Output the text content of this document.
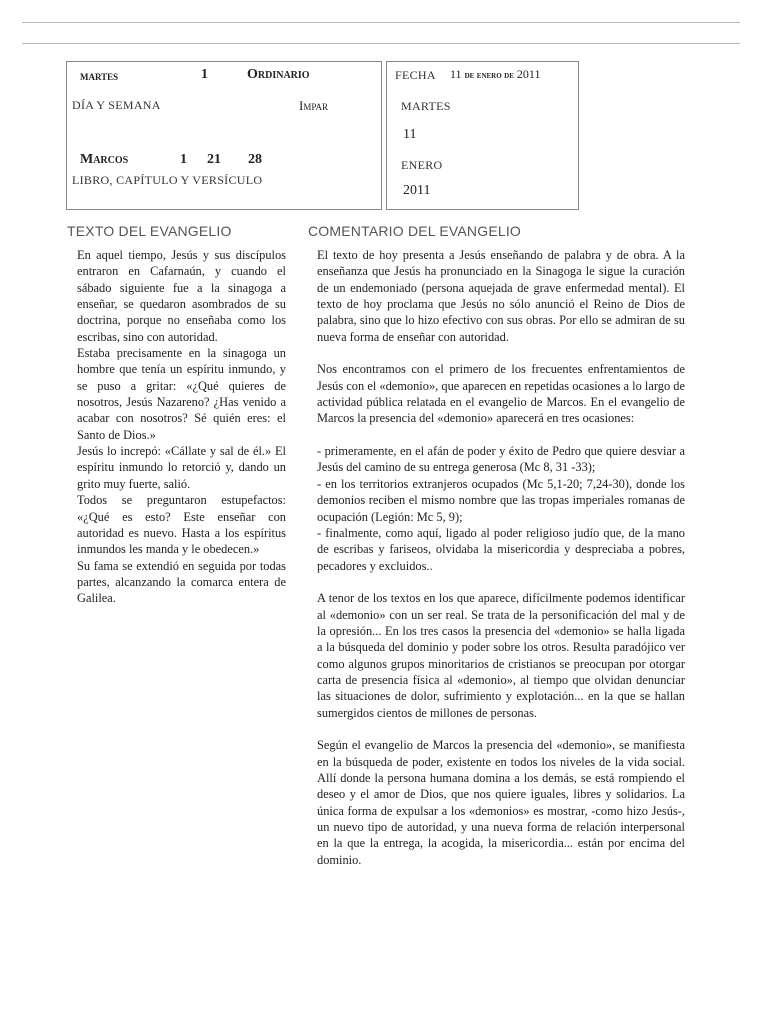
martes	1	Ordinario
DÍA Y SEMANA	Impar
Marcos	1 21 28
LIBRO, CAPÍTULO Y VERSÍCULO
FECHA 11 de enero de 2011
MARTES
11
ENERO
2011
TEXTO DEL EVANGELIO	COMENTARIO DEL EVANGELIO

En aquel tiempo, Jesús y sus discípulos entraron en Cafarnaún, y cuando el sábado siguiente fue a la sinagoga a enseñar, se quedaron asombrados de su doctrina, porque no enseñaba como los escribas, sino con autoridad.

Estaba precisamente en la sinagoga un hombre que tenía un espíritu inmundo, y se puso a gritar: «¿Qué quieres de nosotros, Jesús Nazareno? ¿Has venido a acabar con nosotros? Sé quién eres: el Santo de Dios.»

Jesús lo increpó: «Cállate y sal de él.» El espíritu inmundo lo retorció y, dando un grito muy fuerte, salió.

Todos se preguntaron estupefactos: «¿Qué es esto? Este enseñar con autoridad es nuevo. Hasta a los espíritus inmundos les manda y le obedecen.»

Su fama se extendió en seguida por todas partes, alcanzando la comarca entera de Galilea.

El texto de hoy presenta a Jesús enseñando de palabra y de obra. A la enseñanza que Jesús ha pronunciado en la Sinagoga le sigue la curación de un endemoniado (persona aquejada de grave enfermedad mental). El texto de hoy proclama que Jesús no sólo anunció el Reino de Dios de palabra, sino que lo hizo efectivo con sus obras. Por ello se admiran de su nueva forma de enseñar con autoridad.

Nos encontramos con el primero de los frecuentes enfrentamientos de Jesús con el «demonio», que aparecen en repetidas ocasiones a lo largo de actividad pública relatada en el evangelio de Marcos. En el evangelio de Marcos la presencia del «demonio» aparecerá en tres ocasiones:

- primeramente, en el afán de poder y éxito de Pedro que quiere desviar a Jesús del camino de su entrega generosa (Mc 8, 31 -33);

- en los territorios extranjeros ocupados (Mc 5,1-20; 7,24-30), donde los demonios reciben el mismo nombre que las tropas imperiales romanas de ocupación (Legión: Mc 5, 9);

- finalmente, como aquí, ligado al poder religioso judío que, de la mano de escribas y fariseos, olvidaba la misericordia y despreciaba a pobres, pecadores y excluidos..

A tenor de los textos en los que aparece, difícilmente podemos identificar al «demonio» con un ser real. Se trata de la personificación del mal y de la opresión... En los tres casos la presencia del «demonio» se halla ligada a la búsqueda del dominio y poder sobre los otros. Resulta paradójico ver como algunos grupos minoritarios de cristianos se preocupan por otorgar carta de presencia física al «demonio», al tiempo que olvidan denunciar las situaciones de dolor, sufrimiento y explotación... en la que se hallan sumergidos cientos de millones de personas.

Según el evangelio de Marcos la presencia del «demonio», se manifiesta en la búsqueda de poder, existente en todos los niveles de la vida social. Allí donde la persona humana domina a los demás, se está rompiendo el deseo y el amor de Dios, que nos quiere iguales, libres y solidarios. La única forma de expulsar a los «demonios» es mostrar, -como hizo Jesús-, un nuevo tipo de autoridad, y una nueva forma de relación interpersonal en la que la entrega, la acogida, la misericordia... están por encima del dominio.
